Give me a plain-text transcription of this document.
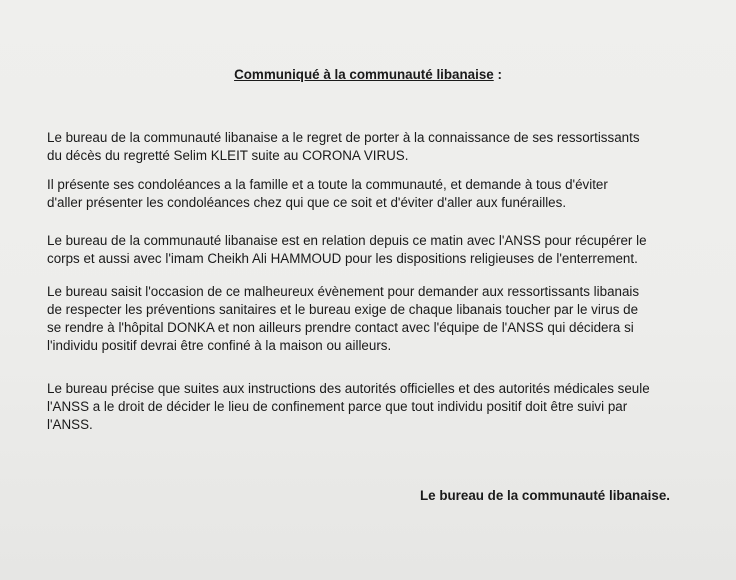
Communiqué à la communauté libanaise :

Le bureau de la communauté libanaise a le regret de porter à la connaissance de ses ressortissants
du décès du regretté Selim KLEIT suite au CORONA VIRUS.

Il présente ses condoléances a la famille et a toute la communauté, et demande à tous d'éviter
d'aller présenter les condoléances chez qui que ce soit et d'éviter d'aller aux funérailles.

Le bureau de la communauté libanaise est en relation depuis ce matin avec l'ANSS pour récupérer le
corps et aussi avec l'imam Cheikh Ali HAMMOUD pour les dispositions religieuses de l'enterrement.

Le bureau saisit l'occasion de ce malheureux évènement pour demander aux ressortissants libanais
de respecter les préventions sanitaires et le bureau exige de chaque libanais toucher par le virus de
se rendre à l'hôpital DONKA et non ailleurs prendre contact avec l'équipe de l'ANSS qui décidera si
l'individu positif devrai être confiné à la maison ou ailleurs.

Le bureau précise que suites aux instructions des autorités officielles et des autorités médicales seule
l'ANSS a le droit de décider le lieu de confinement parce que tout individu positif doit être suivi par
l'ANSS.

Le bureau de la communauté libanaise.
